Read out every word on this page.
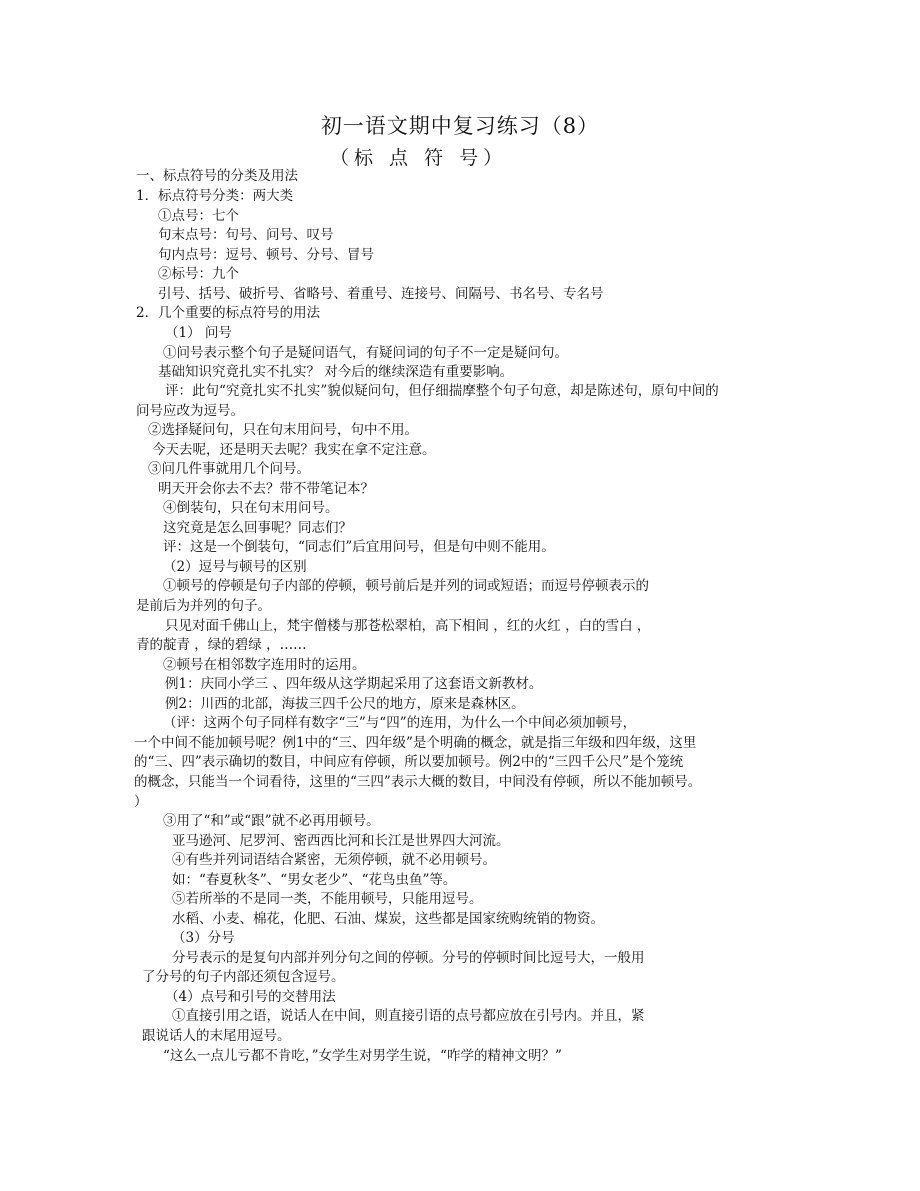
初一语文期中复习练习（8）
（标 点 符 号）
一、标点符号的分类及用法
1．标点符号分类：两大类
①点号：七个
句末点号：句号、问号、叹号
句内点号：逗号、顿号、分号、冒号
②标号：九个
引号、括号、破折号、省略号、着重号、连接号、间隔号、书名号、专名号
2．几个重要的标点符号的用法
（1） 问号
①问号表示整个句子是疑问语气，有疑问词的句子不一定是疑问句。
基础知识究竟扎实不扎实？ 对今后的继续深造有重要影响。
评：此句“究竟扎实不扎实”貌似疑问句，但仔细揣摩整个句子句意，却是陈述句，原句中间的
问号应改为逗号。
②选择疑问句，只在句末用问号，句中不用。
今天去呢，还是明天去呢？我实在拿不定注意。
③问几件事就用几个问号。
明天开会你去不去？带不带笔记本？
④倒装句，只在句末用问号。
这究竟是怎么回事呢？同志们？
评：这是一个倒装句，“同志们”后宜用问号，但是句中则不能用。
（2）逗号与顿号的区别
①顿号的停顿是句子内部的停顿，顿号前后是并列的词或短语；而逗号停顿表示的
是前后为并列的句子。
只见对面千佛山上，梵宇僧楼与那苍松翠柏，高下相间 ，红的火红 ，白的雪白 ，
青的靛青 ，绿的碧绿 ，……
②顿号在相邻数字连用时的运用。
例1：庆同小学三 、四年级从这学期起采用了这套语文新教材。
例2：川西的北部，海拔三四千公尺的地方，原来是森林区。
（评：这两个句子同样有数字“三”与“四”的连用，为什么一个中间必须加顿号，
一个中间不能加顿号呢？例1中的“三、四年级”是个明确的概念，就是指三年级和四年级，这里
的“三、四”表示确切的数目，中间应有停顿，所以要加顿号。例2中的“三四千公尺”是个笼统
的概念，只能当一个词看待，这里的“三四”表示大概的数目，中间没有停顿，所以不能加顿号。
）
③用了“和”或“跟”就不必再用顿号。
亚马逊河、尼罗河、密西西比河和长江是世界四大河流。
④有些并列词语结合紧密，无须停顿，就不必用顿号。
如：“春夏秋冬”、“男女老少”、“花鸟虫鱼”等。
⑤若所举的不是同一类，不能用顿号，只能用逗号。
水稻、小麦、棉花，化肥、石油、煤炭，这些都是国家统购统销的物资。
（3）分号
分号表示的是复句内部并列分句之间的停顿。分号的停顿时间比逗号大，一般用
了分号的句子内部还须包含逗号。
（4）点号和引号的交替用法
①直接引用之语，说话人在中间，则直接引语的点号都应放在引号内。并且，紧
跟说话人的末尾用逗号。
“这么一点儿亏都不肯吃，”女学生对男学生说，“咋学的精神文明？”
